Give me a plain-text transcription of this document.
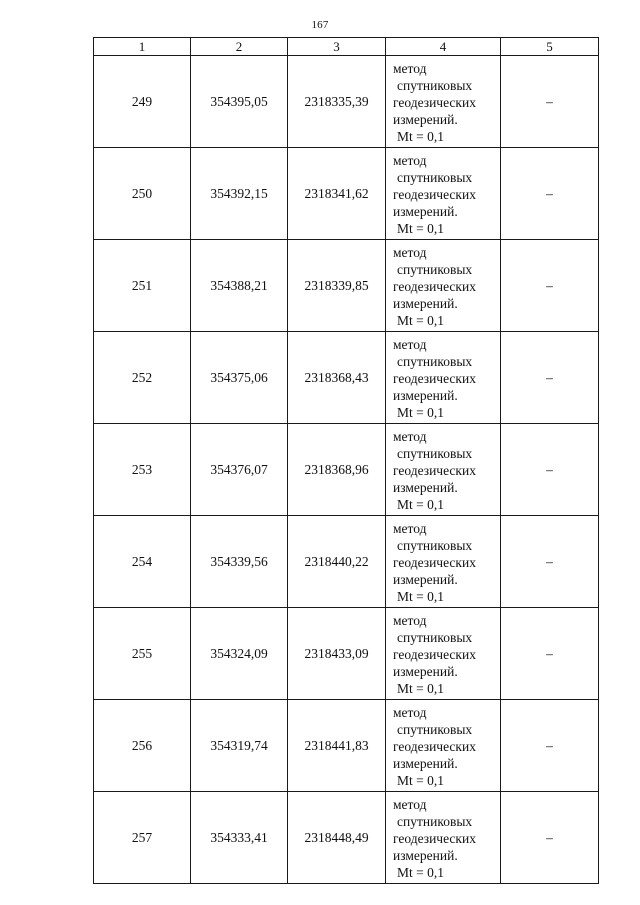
167
1	2	3	4	5
249	354395,05	2318335,39	метод
спутниковых
геодезических
измерений.
Mt = 0,1	–
250	354392,15	2318341,62	метод
спутниковых
геодезических
измерений.
Mt = 0,1	–
251	354388,21	2318339,85	метод
спутниковых
геодезических
измерений.
Mt = 0,1	–
252	354375,06	2318368,43	метод
спутниковых
геодезических
измерений.
Mt = 0,1	–
253	354376,07	2318368,96	метод
спутниковых
геодезических
измерений.
Mt = 0,1	–
254	354339,56	2318440,22	метод
спутниковых
геодезических
измерений.
Mt = 0,1	–
255	354324,09	2318433,09	метод
спутниковых
геодезических
измерений.
Mt = 0,1	–
256	354319,74	2318441,83	метод
спутниковых
геодезических
измерений.
Mt = 0,1	–
257	354333,41	2318448,49	метод
спутниковых
геодезических
измерений.
Mt = 0,1	–
